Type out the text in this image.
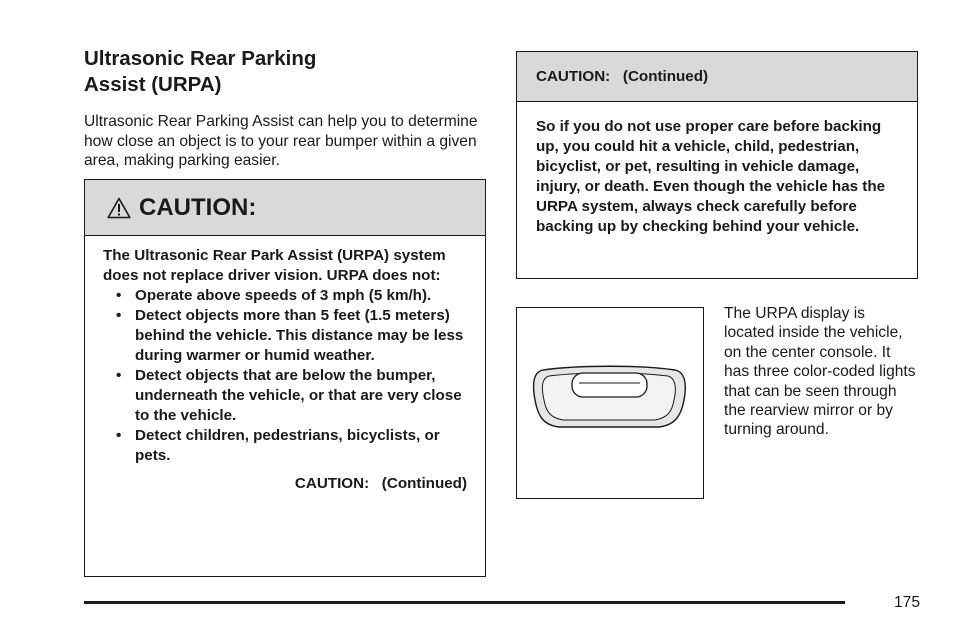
Ultrasonic Rear Parking
Assist (URPA)

Ultrasonic Rear Parking Assist can help you to determine how close an object is to your rear bumper within a given area, making parking easier.

CAUTION:
The Ultrasonic Rear Park Assist (URPA) system does not replace driver vision. URPA does not:
• Operate above speeds of 3 mph (5 km/h).
• Detect objects more than 5 feet (1.5 meters) behind the vehicle. This distance may be less during warmer or humid weather.
• Detect objects that are below the bumper, underneath the vehicle, or that are very close to the vehicle.
• Detect children, pedestrians, bicyclists, or pets.
CAUTION:   (Continued)
CAUTION:   (Continued)
So if you do not use proper care before backing up, you could hit a vehicle, child, pedestrian, bicyclist, or pet, resulting in vehicle damage, injury, or death. Even though the vehicle has the URPA system, always check carefully before backing up by checking behind your vehicle.

The URPA display is located inside the vehicle, on the center console. It has three color-coded lights that can be seen through the rearview mirror or by turning around.

175
